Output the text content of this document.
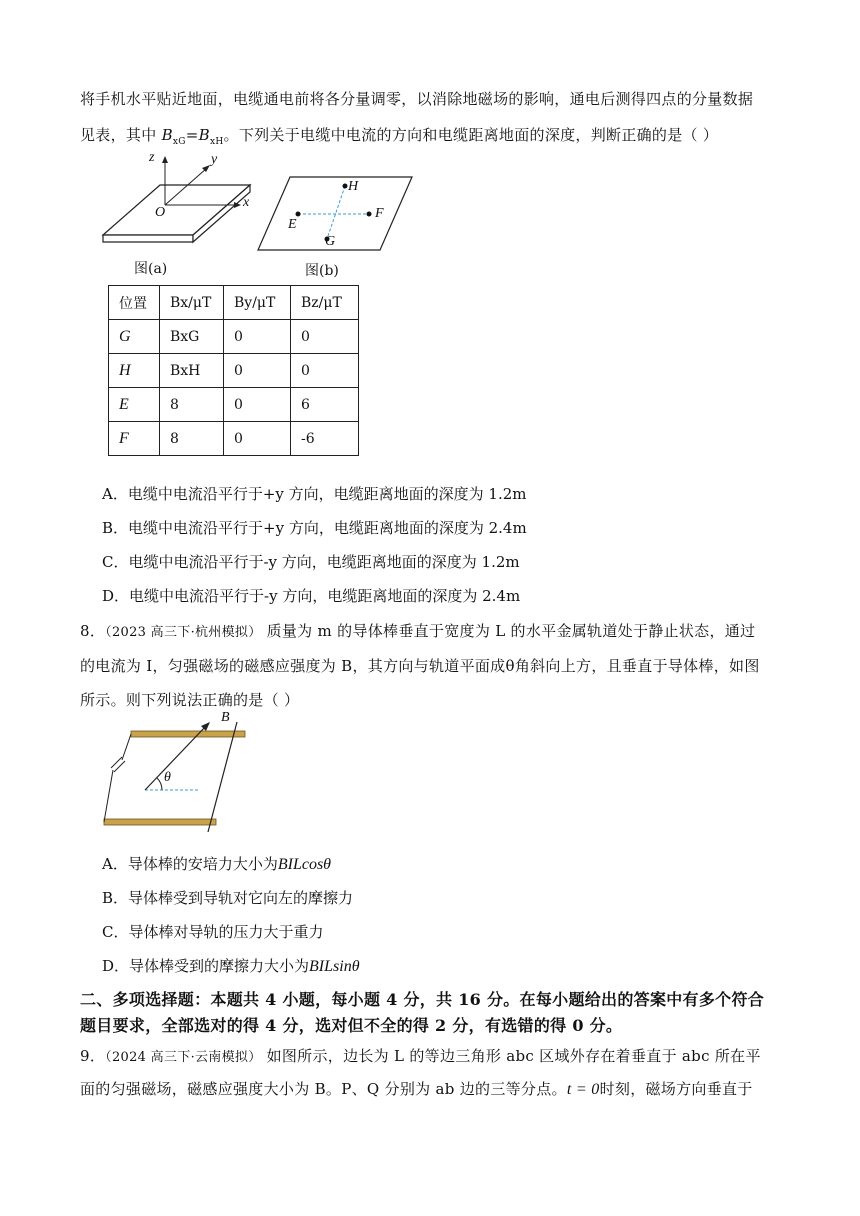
将手机水平贴近地面，电缆通电前将各分量调零，以消除地磁场的影响，通电后测得四点的分量数据
见表，其中 $B_{xG}=B_{xH}$。下列关于电缆中电流的方向和电缆距离地面的深度，判断正确的是（ ）
z	y
x
O
图(a)
H
E
F
G
图(b)
位置	Bx/μT	By/μT	Bz/μT
G	BxG	0	0
H	BxH	0	0
E	8	0	6
F	8	0	-6
A．电缆中电流沿平行于+y 方向，电缆距离地面的深度为 1.2m
B．电缆中电流沿平行于+y 方向，电缆距离地面的深度为 2.4m
C．电缆中电流沿平行于-y 方向，电缆距离地面的深度为 1.2m
D．电缆中电流沿平行于-y 方向，电缆距离地面的深度为 2.4m
8．（2023 高三下·杭州模拟） 质量为 m 的导体棒垂直于宽度为 L 的水平金属轨道处于静止状态，通过
的电流为 I，匀强磁场的磁感应强度为 B，其方向与轨道平面成θ角斜向上方，且垂直于导体棒，如图
所示。则下列说法正确的是（ ）
B
θ
A．导体棒的安培力大小为BILcosθ
B．导体棒受到导轨对它向左的摩擦力
C．导体棒对导轨的压力大于重力
D．导体棒受到的摩擦力大小为BILsinθ
二、多项选择题：本题共 4 小题，每小题 4 分，共 16 分。在每小题给出的答案中有多个符合
题目要求，全部选对的得 4 分，选对但不全的得 2 分，有选错的得 0 分。
9．（2024 高三下·云南模拟） 如图所示，边长为 L 的等边三角形 abc 区域外存在着垂直于 abc 所在平
面的匀强磁场，磁感应强度大小为 B。P、Q 分别为 ab 边的三等分点。t = 0时刻，磁场方向垂直于
